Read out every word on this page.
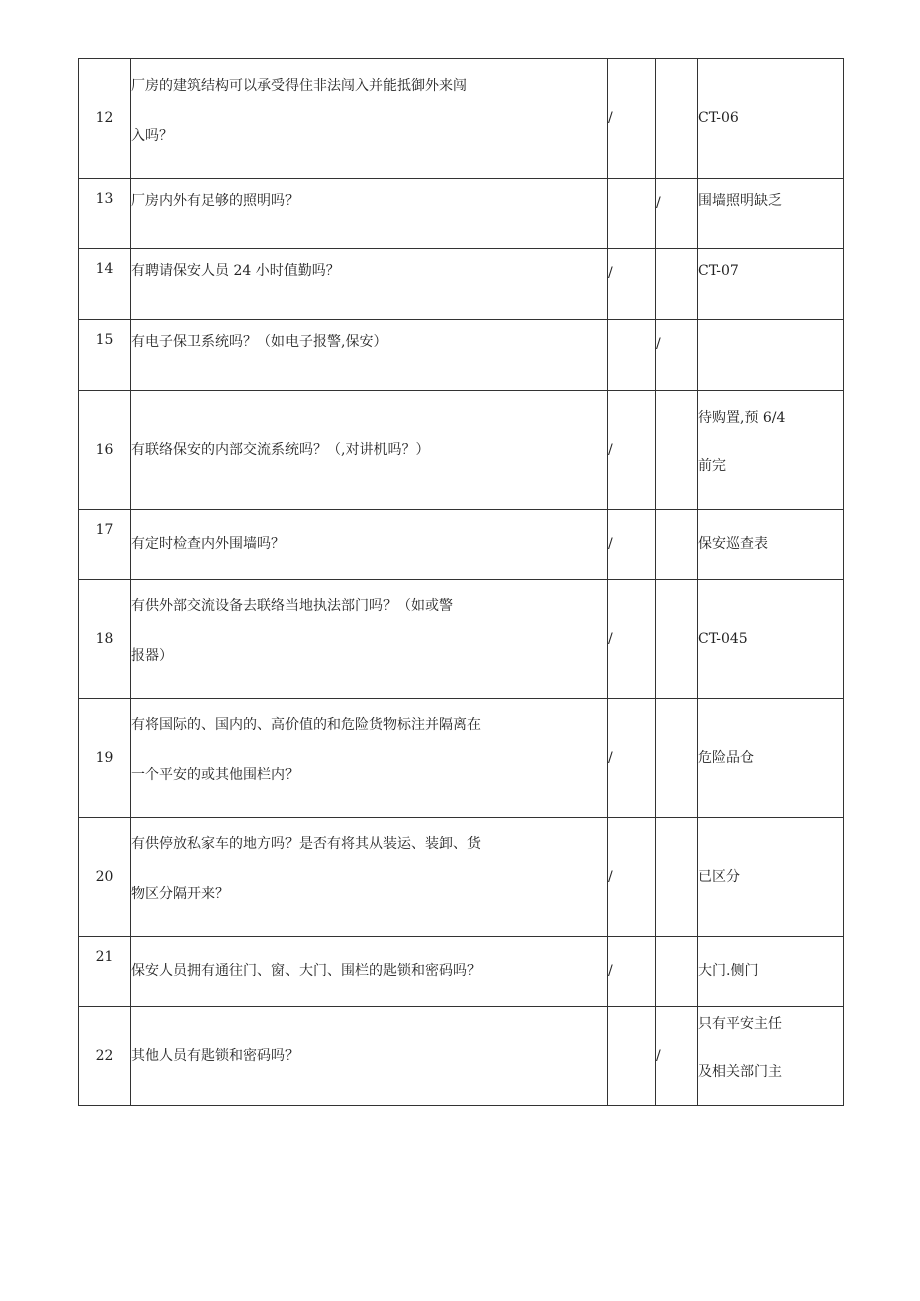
12	厂房的建筑结构可以承受得住非法闯入并能抵御外来闯
入吗？	/		CT-06
13	厂房内外有足够的照明吗？		/	围墙照明缺乏
14	有聘请保安人员 24 小时值勤吗？	/		CT-07
15	有电子保卫系统吗？（如电子报警,保安）		/	
16	有联络保安的内部交流系统吗？（,对讲机吗？）	/		待购置,预 6/4
前完

17	有定时检查内外围墙吗？	/		保安巡查表
18	有供外部交流设备去联络当地执法部门吗？（如或警
报器）	/		CT-045
19	有将国际的、国内的、高价值的和危险货物标注并隔离在
一个平安的或其他围栏内？	/		危险品仓
20	有供停放私家车的地方吗？是否有将其从装运、装卸、货
物区分隔开来？	/		已区分
21	保安人员拥有通往门、窗、大门、围栏的匙锁和密码吗？	/		大门.侧门
22	其他人员有匙锁和密码吗？		/	只有平安主任
及相关部门主
